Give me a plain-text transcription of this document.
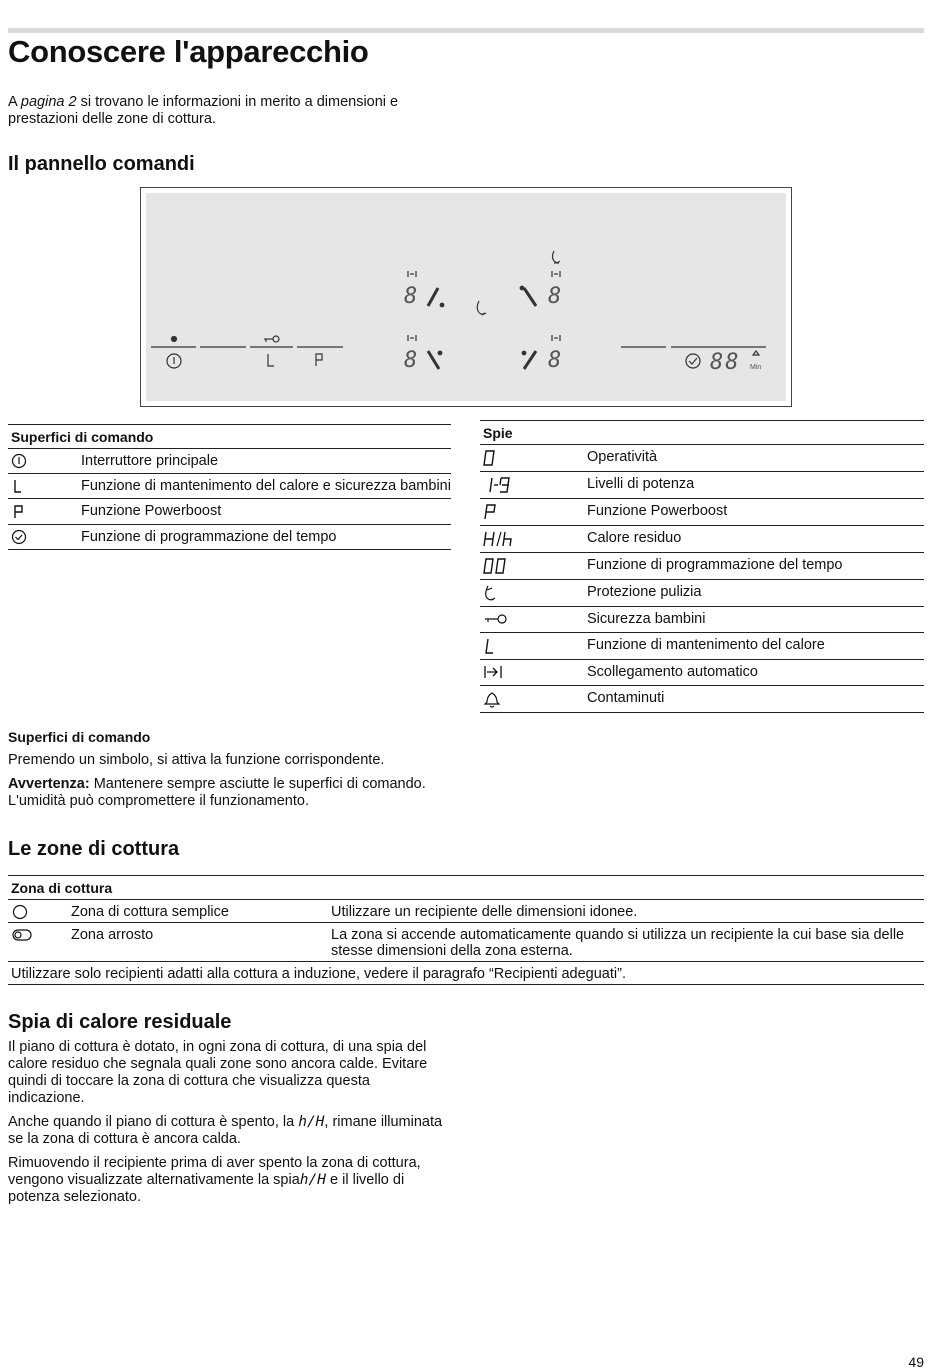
Conoscere l'apparecchio

A pagina 2 si trovano le informazioni in merito a dimensioni e prestazioni delle zone di cottura.

Il pannello comandi
8	8
8	8	88 Min
Superfici di comando	
	Interruttore principale
	Funzione di mantenimento del calore e sicurezza bambini
	Funzione Powerboost
	Funzione di programmazione del tempo
Spie	
	Operatività
	Livelli di potenza
	Funzione Powerboost
	Calore residuo
	Funzione di programmazione del tempo
	Protezione pulizia
	Sicurezza bambini
	Funzione di mantenimento del calore
	Scollegamento automatico
	Contaminuti

Superfici di comando

Premendo un simbolo, si attiva la funzione corrispondente.

Avvertenza: Mantenere sempre asciutte le superfici di comando. L'umidità può compromettere il funzionamento.

Le zone di cottura
Zona di cottura		
	Zona di cottura semplice	Utilizzare un recipiente delle dimensioni idonee.
	Zona arrosto	La zona si accende automaticamente quando si utilizza un recipiente la cui base sia delle stesse dimensioni della zona esterna.
Utilizzare solo recipienti adatti alla cottura a induzione, vedere il paragrafo “Recipienti adeguati”.		
Spia di calore residuale

Il piano di cottura è dotato, in ogni zona di cottura, di una spia del calore residuo che segnala quali zone sono ancora calde. Evitare quindi di toccare la zona di cottura che visualizza questa indicazione.

Anche quando il piano di cottura è spento, la h/H, rimane illuminata se la zona di cottura è ancora calda.

Rimuovendo il recipiente prima di aver spento la zona di cottura, vengono visualizzate alternativamente la spiah/H e il livello di potenza selezionato.

49
